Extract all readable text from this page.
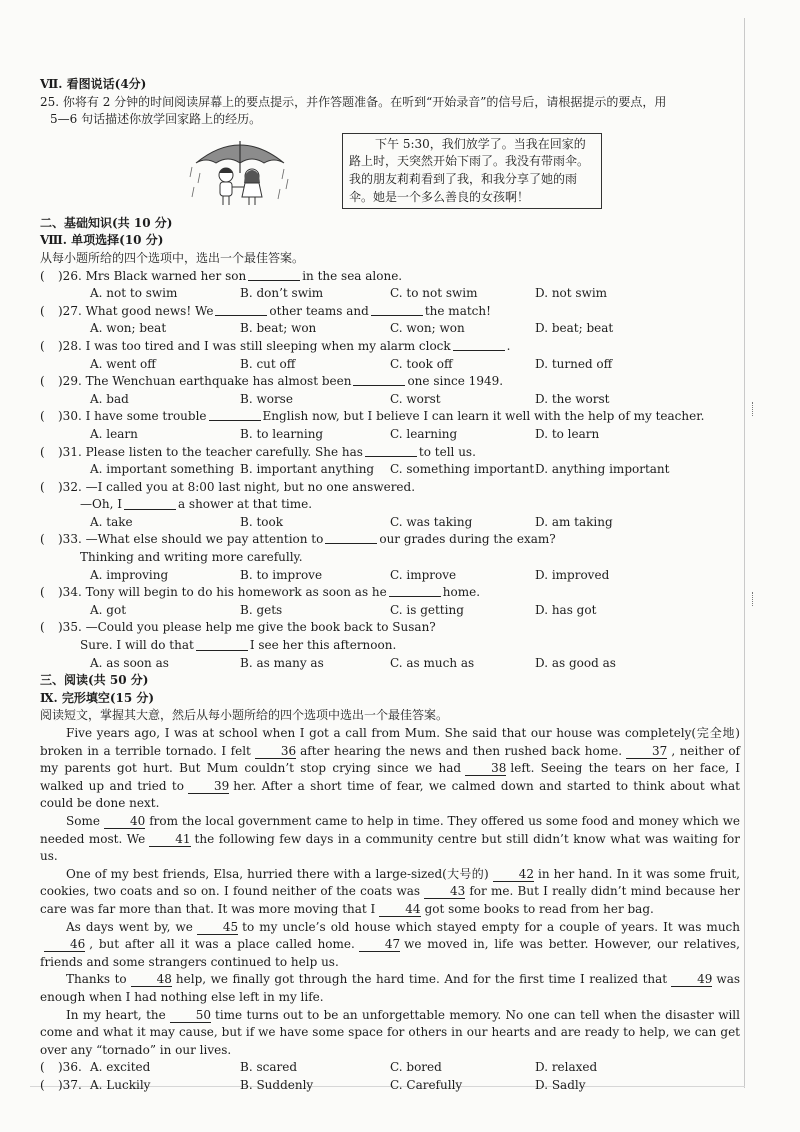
Ⅶ. 看图说话(4分)
25. 你将有 2 分钟的时间阅读屏幕上的要点提示，并作答题准备。在听到“开始录音”的信号后，请根据提示的要点，用
5—6 句话描述你放学回家路上的经历。
下午 5:30，我们放学了。当我在回家的路上时，天突然开始下雨了。我没有带雨伞。我的朋友莉莉看到了我，和我分享了她的雨伞。她是一个多么善良的女孩啊！
二、基础知识(共 10 分)
Ⅷ. 单项选择(10 分)
从每小题所给的四个选项中，选出一个最佳答案。
(	)26. Mrs Black warned her son	in the sea alone.
A. not to swim	B. don’t swim	C. to not swim	D. not swim
(	)27. What good news! We	other teams and	the match!
A. won; beat	B. beat; won	C. won; won	D. beat; beat
(	)28. I was too tired and I was still sleeping when my alarm clock	.
A. went off	B. cut off	C. took off	D. turned off
(	)29. The Wenchuan earthquake has almost been	one since 1949.
A. bad	B. worse	C. worst	D. the worst
(	)30. I have some trouble	English now, but I believe I can learn it well with the help of my teacher.
A. learn	B. to learning	C. learning	D. to learn
(	)31. Please listen to the teacher carefully. She has	to tell us.
A. important something B. important anything	C. something important D. anything important
(	)32. —I called you at 8:00 last night, but no one answered.
—Oh, I	a shower at that time.
A. take	B. took	C. was taking	D. am taking
(	)33. —What else should we pay attention to	our grades during the exam?
Thinking and writing more carefully.
A. improving	B. to improve	C. improve	D. improved
(	)34. Tony will begin to do his homework as soon as he	home.
A. got	B. gets	C. is getting	D. has got
(	)35. —Could you please help me give the book back to Susan?
Sure. I will do that	I see her this afternoon.
A. as soon as	B. as many as	C. as much as	D. as good as
三、阅读(共 50 分)
Ⅸ. 完形填空(15 分)
阅读短文，掌握其大意，然后从每小题所给的四个选项中选出一个最佳答案。
Five years ago, I was at school when I got a call from Mum. She said that our house was completely(完全地) broken in a terrible tornado. I felt	36 after hearing the news and then rushed back home.	37 , neither of my parents got hurt. But Mum couldn’t stop crying since we had	38 left. Seeing the tears on her face, I walked up and tried to	39 her. After a short time of fear, we calmed down and started to think about what could be done next.
Some	40 from the local government came to help in time. They offered us some food and money which we needed most. We	41 the following few days in a community centre but still didn’t know what was waiting for us.
One of my best friends, Elsa, hurried there with a large-sized(大号的)	42 in her hand. In it was some fruit, cookies, two coats and so on. I found neither of the coats was	43 for me. But I really didn’t mind because her care was far more than that. It was more moving that I	44 got some books to read from her bag.
As days went by, we	45 to my uncle’s old house which stayed empty for a couple of years. It was much46 , but after all it was a place called home.	47 we moved in, life was better. However, our relatives, friends and some strangers continued to help us.
Thanks to	48 help, we finally got through the hard time. And for the first time I realized that	49 was enough when I had nothing else left in my life.
In my heart, the	50 time turns out to be an unforgettable memory. No one can tell when the disaster will come and what it may cause, but if we have some space for others in our hearts and are ready to help, we can get over any “tornado” in our lives.
(	)36. A. excited	B. scared	C. bored	D. relaxed
(	)37. A. Luckily	B. Suddenly	C. Carefully	D. Sadly
